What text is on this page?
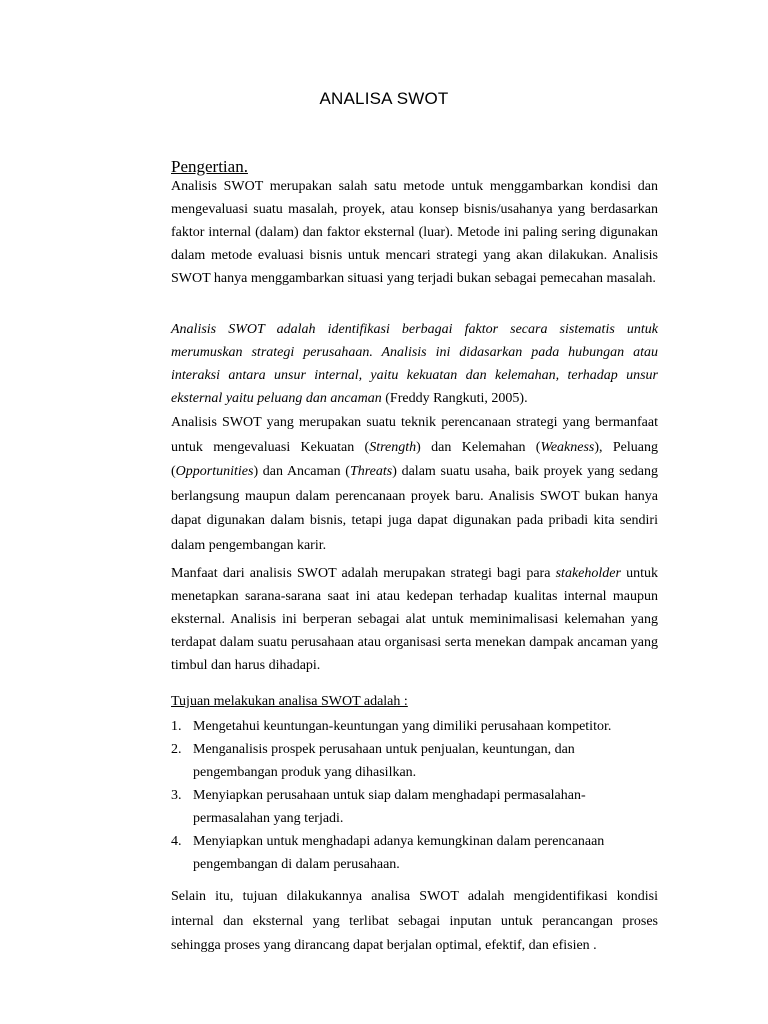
ANALISA SWOT
Pengertian.
Analisis SWOT merupakan salah satu metode untuk menggambarkan kondisi dan mengevaluasi suatu masalah, proyek, atau konsep bisnis/usahanya yang berdasarkan faktor internal (dalam) dan faktor eksternal (luar). Metode ini paling sering digunakan dalam metode evaluasi bisnis untuk mencari strategi yang akan dilakukan. Analisis SWOT hanya menggambarkan situasi yang terjadi bukan sebagai pemecahan masalah.
Analisis SWOT adalah identifikasi berbagai faktor secara sistematis untuk merumuskan strategi perusahaan. Analisis ini didasarkan pada hubungan atau interaksi antara unsur internal, yaitu kekuatan dan kelemahan, terhadap unsur eksternal yaitu peluang dan ancaman (Freddy Rangkuti, 2005).
Analisis SWOT yang merupakan suatu teknik perencanaan strategi yang bermanfaat untuk mengevaluasi Kekuatan (Strength) dan Kelemahan (Weakness), Peluang (Opportunities) dan Ancaman (Threats) dalam suatu usaha, baik proyek yang sedang berlangsung maupun dalam perencanaan proyek baru. Analisis SWOT bukan hanya dapat digunakan dalam bisnis, tetapi juga dapat digunakan pada pribadi kita sendiri dalam pengembangan karir.
Manfaat dari analisis SWOT adalah merupakan strategi bagi para stakeholder untuk menetapkan sarana-sarana saat ini atau kedepan terhadap kualitas internal maupun eksternal. Analisis ini berperan sebagai alat untuk meminimalisasi kelemahan yang terdapat dalam suatu perusahaan atau organisasi serta menekan dampak ancaman yang timbul dan harus dihadapi.
Tujuan melakukan analisa SWOT adalah :
1. Mengetahui keuntungan-keuntungan yang dimiliki perusahaan kompetitor.
2. Menganalisis prospek perusahaan untuk penjualan, keuntungan, dan pengembangan produk yang dihasilkan.
3. Menyiapkan perusahaan untuk siap dalam menghadapi permasalahan-permasalahan yang terjadi.
4. Menyiapkan untuk menghadapi adanya kemungkinan dalam perencanaan pengembangan di dalam perusahaan.
Selain itu, tujuan dilakukannya analisa SWOT adalah mengidentifikasi kondisi internal dan eksternal yang terlibat sebagai inputan untuk perancangan proses sehingga proses yang dirancang dapat berjalan optimal, efektif, dan efisien .
